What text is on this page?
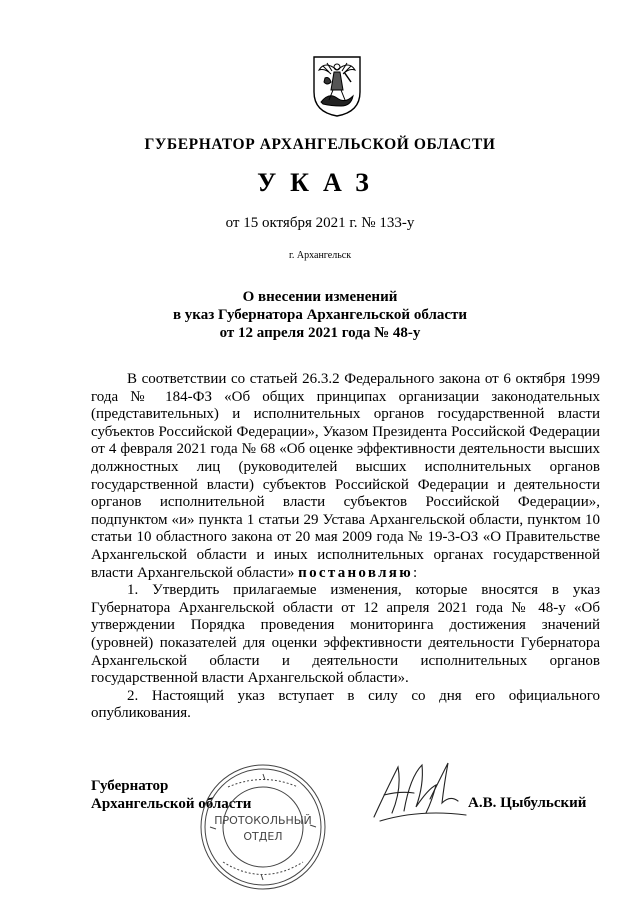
ГУБЕРНАТОР АРХАНГЕЛЬСКОЙ ОБЛАСТИ
УКАЗ
от 15 октября 2021 г. № 133-у
г. Архангельск
О внесении изменений
в указ Губернатора Архангельской области
от 12 апреля 2021 года № 48-у

В соответствии со статьей 26.3.2 Федерального закона от 6 октября 1999 года № 184-ФЗ «Об общих принципах организации законодательных (представительных) и исполнительных органов государственной власти субъектов Российской Федерации», Указом Президента Российской Федерации от 4 февраля 2021 года № 68 «Об оценке эффективности деятельности высших должностных лиц (руководителей высших исполнительных органов государственной власти) субъектов Российской Федерации и деятельности органов исполнительной власти субъектов Российской Федерации», подпунктом «и» пункта 1 статьи 29 Устава Архангельской области, пунктом 10 статьи 10 областного закона от 20 мая 2009 года № 19-3-ОЗ «О Правительстве Архангельской области и иных исполнительных органах государственной власти Архангельской области» постановляю:

1. Утвердить прилагаемые изменения, которые вносятся в указ Губернатора Архангельской области от 12 апреля 2021 года № 48-у «Об утверждении Порядка проведения мониторинга достижения значений (уровней) показателей для оценки эффективности деятельности Губернатора Архангельской области и деятельности исполнительных органов государственной власти Архангельской области».

2. Настоящий указ вступает в силу со дня его официального опубликования.

Губернатор
Архангельской области
ПРОТОКОЛЬНЫЙ
ОТДЕЛ
А.В. Цыбульский
